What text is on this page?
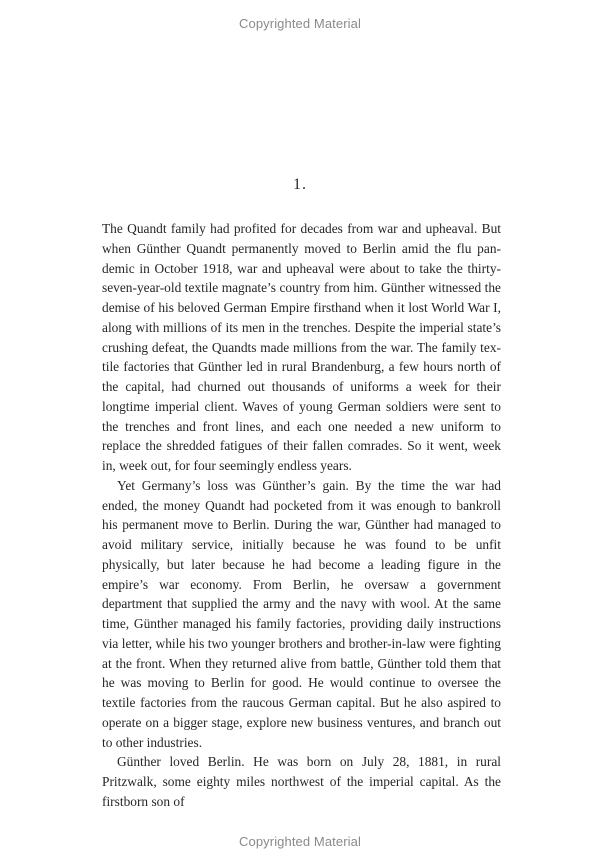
Copyrighted Material
1.

The Quandt family had profited for decades from war and upheaval. But when Günther Quandt permanently moved to Berlin amid the flu pandemic in October 1918, war and upheaval were about to take the thirty-seven-year-old textile magnate’s country from him. Günther witnessed the demise of his beloved German Empire firsthand when it lost World War I, along with millions of its men in the trenches. Despite the imperial state’s crushing defeat, the Quandts made millions from the war. The family textile factories that Günther led in rural Brandenburg, a few hours north of the capital, had churned out thousands of uniforms a week for their longtime imperial client. Waves of young German soldiers were sent to the trenches and front lines, and each one needed a new uniform to replace the shredded fatigues of their fallen comrades. So it went, week in, week out, for four seemingly endless years.

Yet Germany’s loss was Günther’s gain. By the time the war had ended, the money Quandt had pocketed from it was enough to bankroll his permanent move to Berlin. During the war, Günther had managed to avoid military service, initially because he was found to be unfit physically, but later because he had become a leading figure in the empire’s war economy. From Berlin, he oversaw a government department that supplied the army and the navy with wool. At the same time, Günther managed his family factories, providing daily instructions via letter, while his two younger brothers and brother-in-law were fighting at the front. When they returned alive from battle, Günther told them that he was moving to Berlin for good. He would continue to oversee the textile factories from the raucous German capital. But he also aspired to operate on a bigger stage, explore new business ventures, and branch out to other industries.

Günther loved Berlin. He was born on July 28, 1881, in rural Pritzwalk, some eighty miles northwest of the imperial capital. As the firstborn son of

Copyrighted Material
